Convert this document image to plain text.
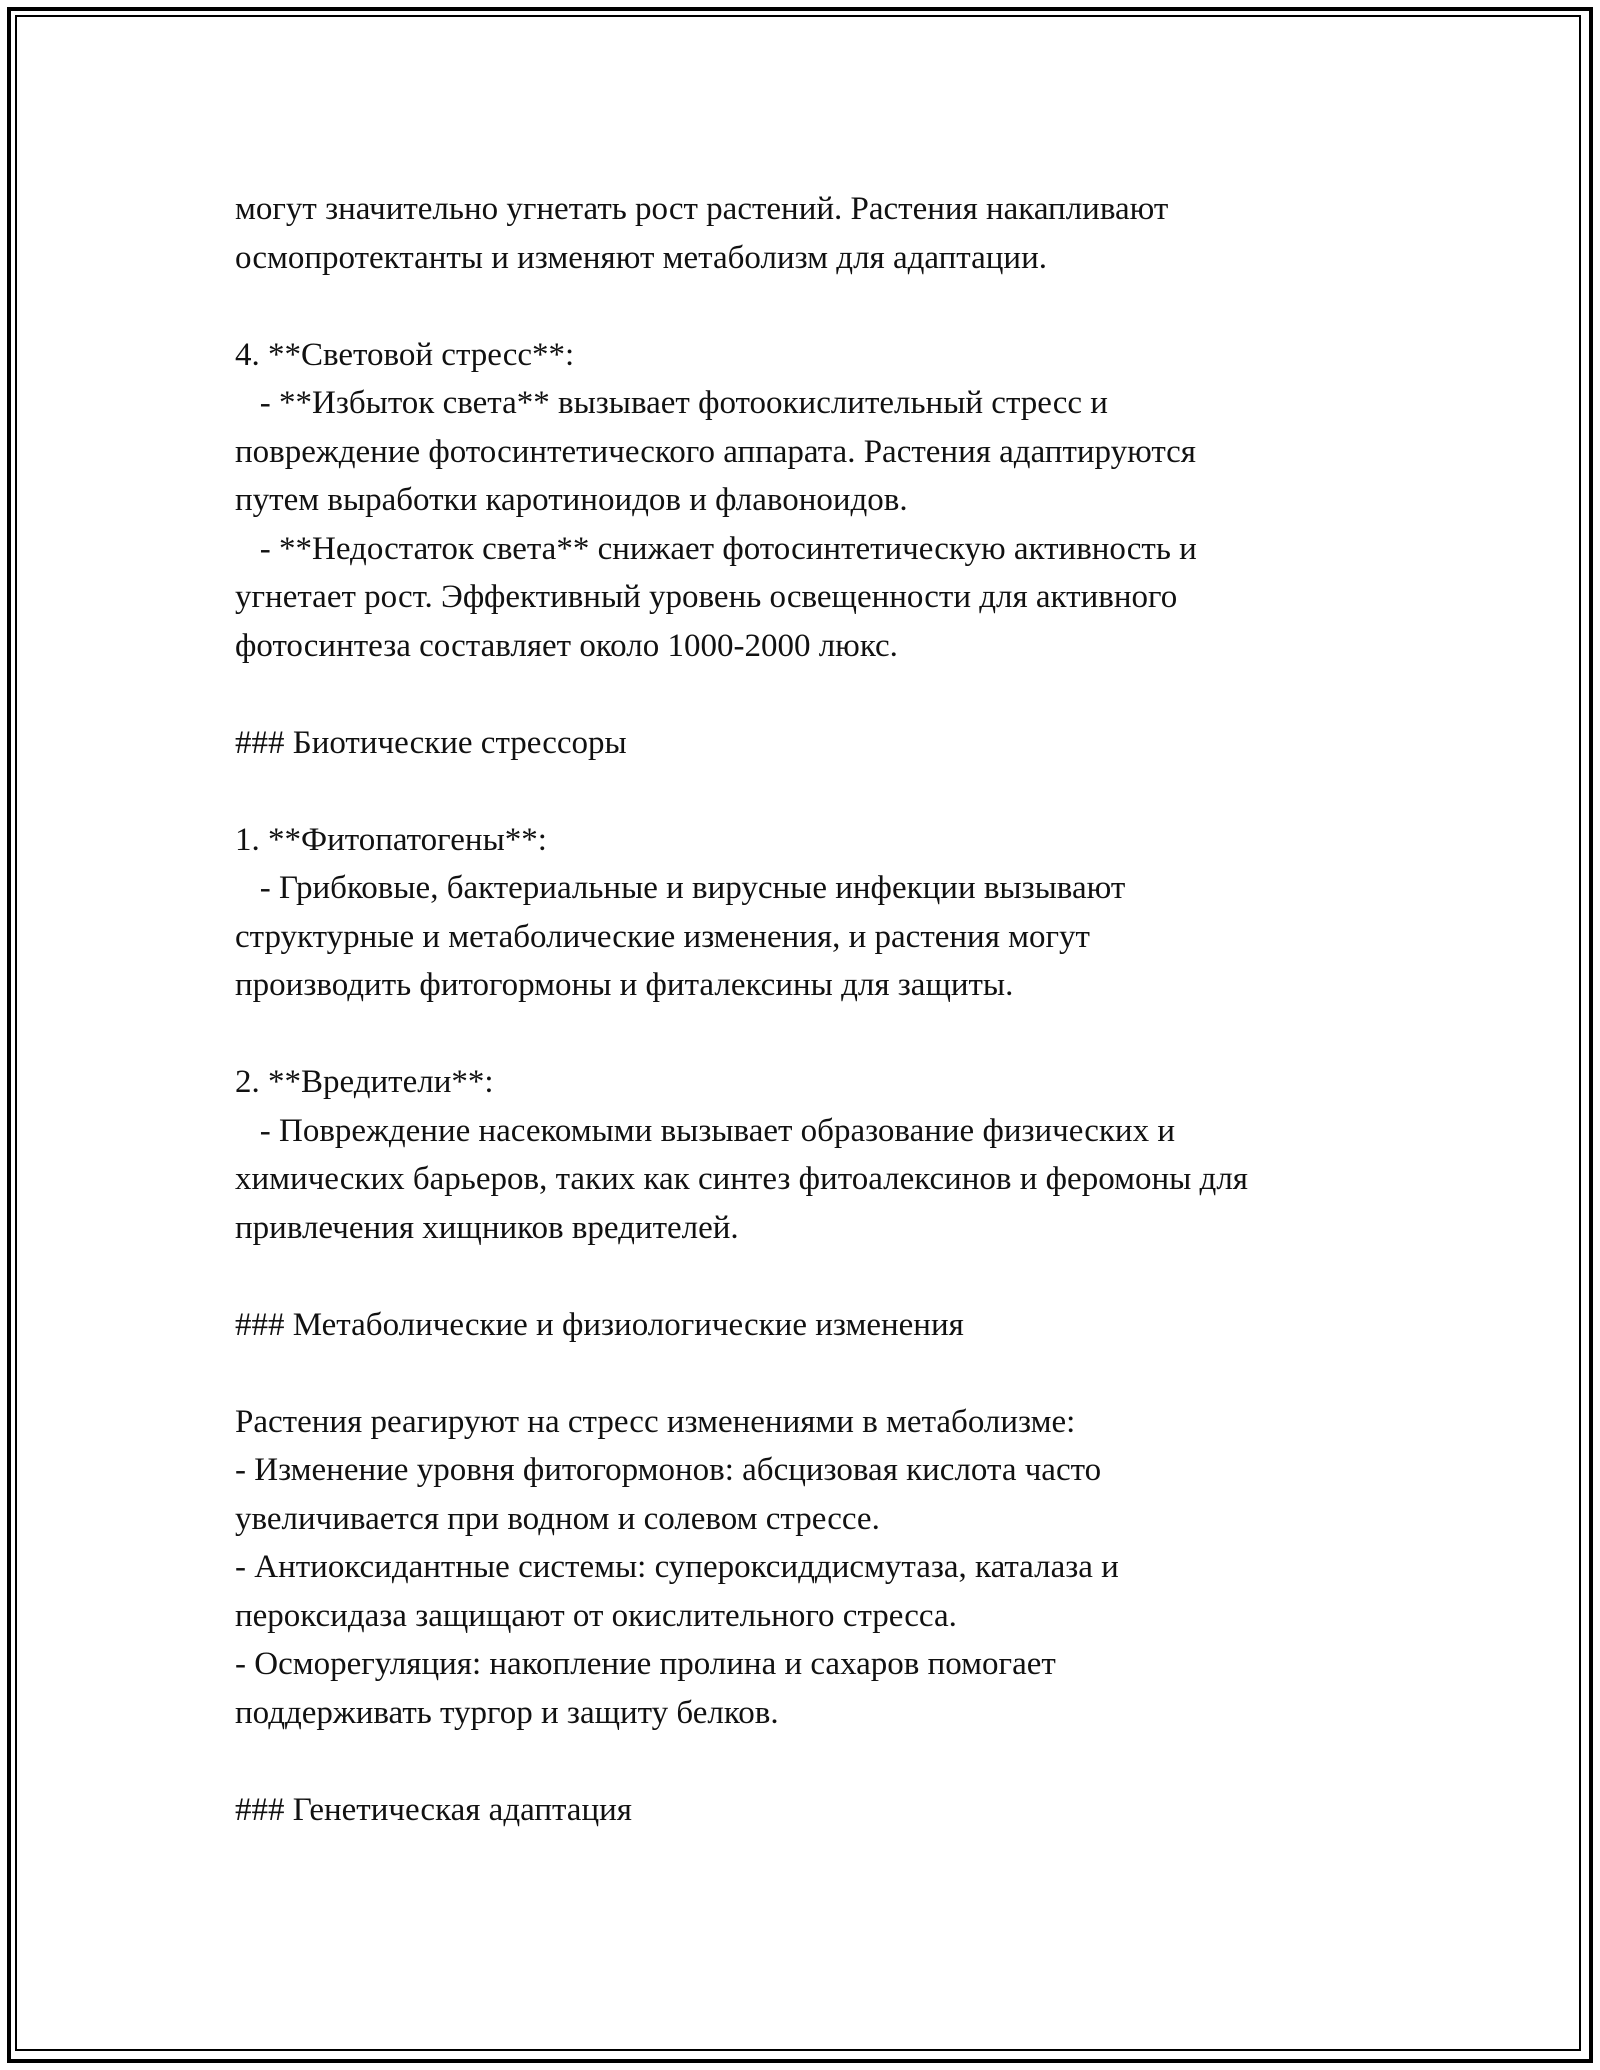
могут значительно угнетать рост растений. Растения накапливают
осмопротектанты и изменяют метаболизм для адаптации.
4. **Световой стресс**:
- **Избыток света** вызывает фотоокислительный стресс и
повреждение фотосинтетического аппарата. Растения адаптируются
путем выработки каротиноидов и флавоноидов.
- **Недостаток света** снижает фотосинтетическую активность и
угнетает рост. Эффективный уровень освещенности для активного
фотосинтеза составляет около 1000-2000 люкс.
### Биотические стрессоры
1. **Фитопатогены**:
- Грибковые, бактериальные и вирусные инфекции вызывают
структурные и метаболические изменения, и растения могут
производить фитогормоны и фиталексины для защиты.
2. **Вредители**:
- Повреждение насекомыми вызывает образование физических и
химических барьеров, таких как синтез фитоалексинов и феромоны для
привлечения хищников вредителей.
### Метаболические и физиологические изменения
Растения реагируют на стресс изменениями в метаболизме:
- Изменение уровня фитогормонов: абсцизовая кислота часто
увеличивается при водном и солевом стрессе.
- Антиоксидантные системы: супероксиддисмутаза, каталаза и
пероксидаза защищают от окислительного стресса.
- Осморегуляция: накопление пролина и сахаров помогает
поддерживать тургор и защиту белков.
### Генетическая адаптация
